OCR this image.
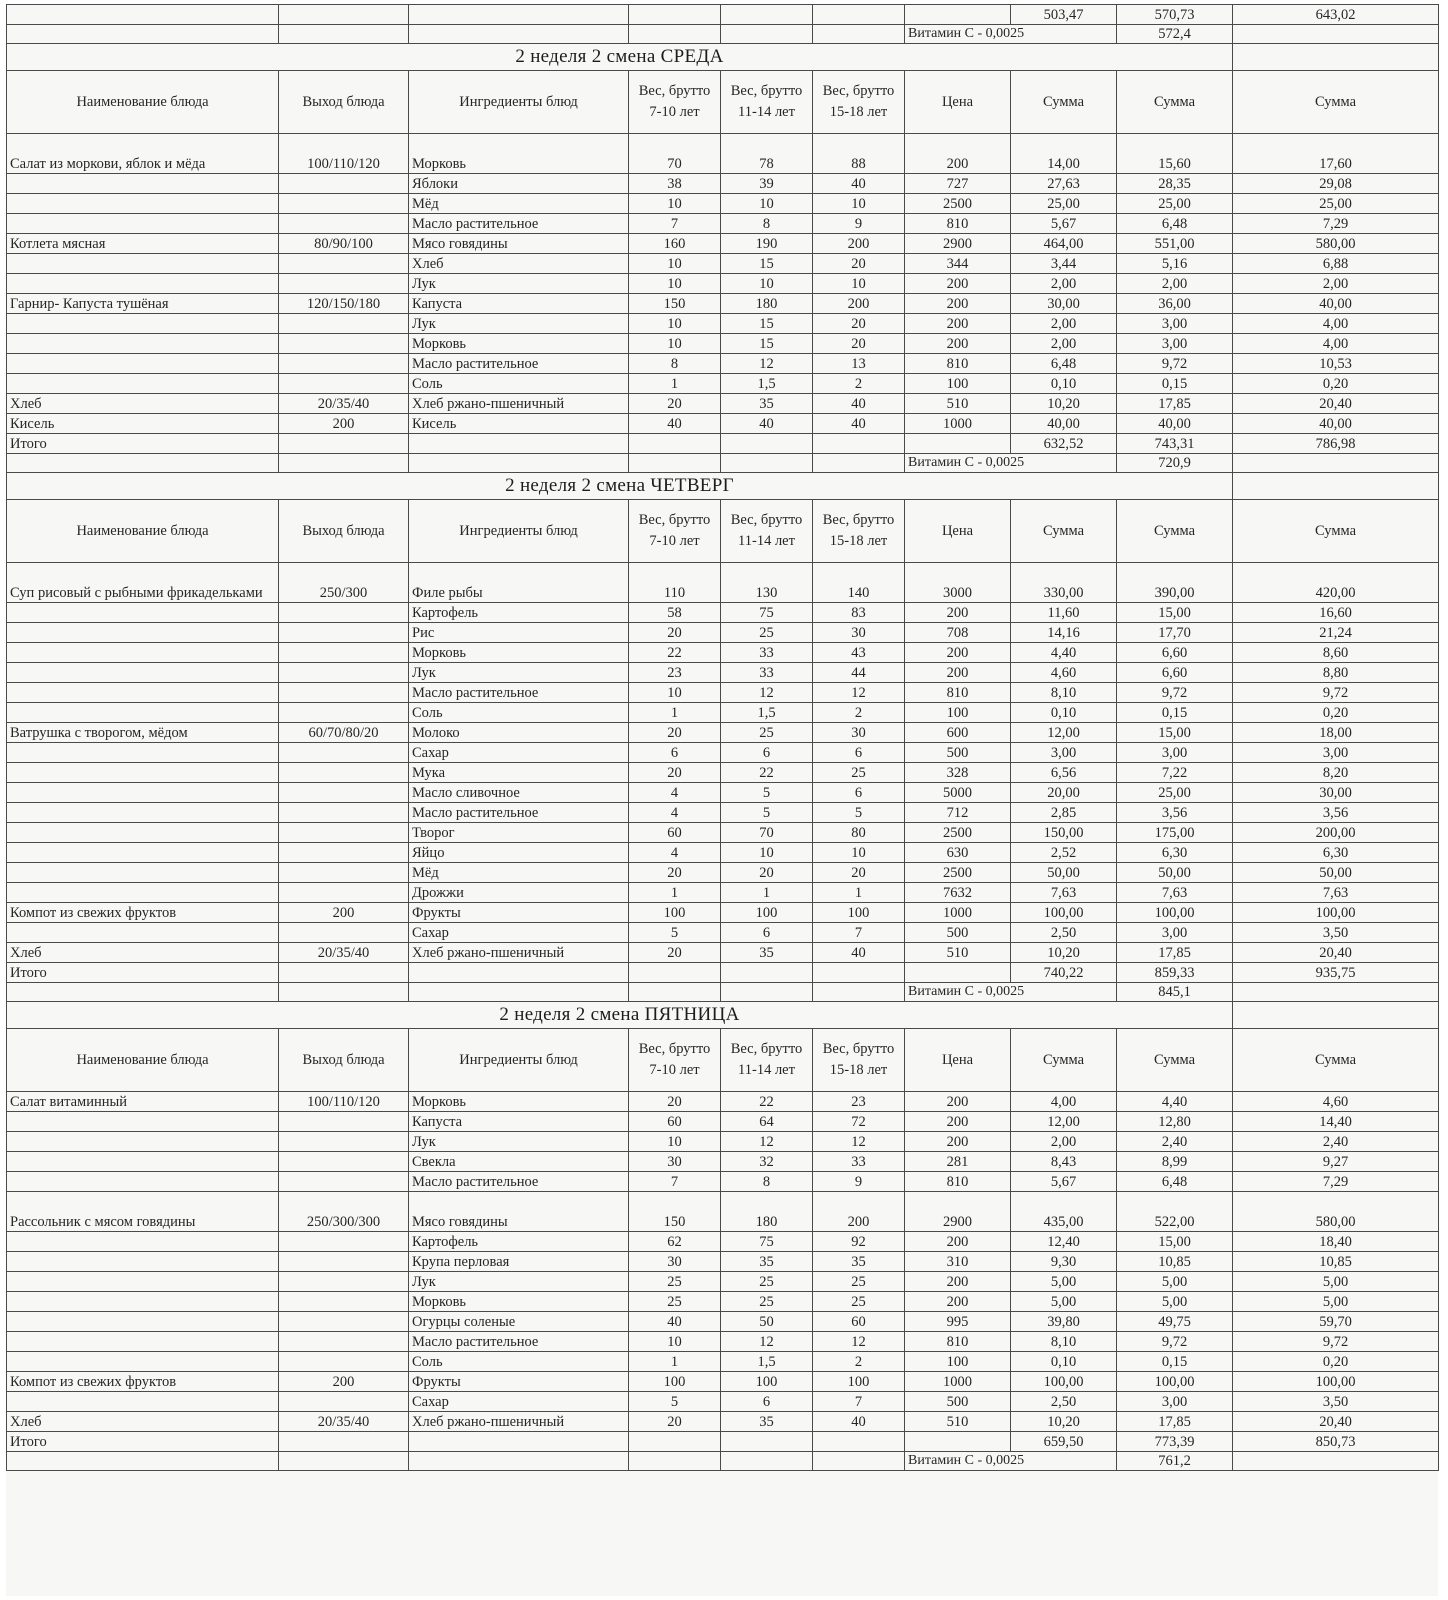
							503,47	570,73	643,02
						Витамин С - 0,0025		572,4	
2 неделя 2 смена СРЕДА									
Наименование блюда	Выход блюда	Ингредиенты блюд	Вес, брутто 7-10 лет	Вес, брутто 11-14 лет	Вес, брутто 15-18 лет	Цена	Сумма	Сумма	Сумма
Салат из моркови, яблок и мёда	100/110/120	Морковь	70	78	88	200	14,00	15,60	17,60
		Яблоки	38	39	40	727	27,63	28,35	29,08
		Мёд	10	10	10	2500	25,00	25,00	25,00
		Масло растительное	7	8	9	810	5,67	6,48	7,29
Котлета мясная	80/90/100	Мясо говядины	160	190	200	2900	464,00	551,00	580,00
		Хлеб	10	15	20	344	3,44	5,16	6,88
		Лук	10	10	10	200	2,00	2,00	2,00
Гарнир- Капуста тушёная	120/150/180	Капуста	150	180	200	200	30,00	36,00	40,00
		Лук	10	15	20	200	2,00	3,00	4,00
		Морковь	10	15	20	200	2,00	3,00	4,00
		Масло растительное	8	12	13	810	6,48	9,72	10,53
		Соль	1	1,5	2	100	0,10	0,15	0,20
Хлеб	20/35/40	Хлеб ржано-пшеничный	20	35	40	510	10,20	17,85	20,40
Кисель	200	Кисель	40	40	40	1000	40,00	40,00	40,00
Итого							632,52	743,31	786,98
						Витамин С - 0,0025		720,9	
2 неделя 2 смена ЧЕТВЕРГ									
Наименование блюда	Выход блюда	Ингредиенты блюд	Вес, брутто 7-10 лет	Вес, брутто 11-14 лет	Вес, брутто 15-18 лет	Цена	Сумма	Сумма	Сумма
Суп рисовый с рыбными фрикадельками	250/300	Филе рыбы	110	130	140	3000	330,00	390,00	420,00
		Картофель	58	75	83	200	11,60	15,00	16,60
		Рис	20	25	30	708	14,16	17,70	21,24
		Морковь	22	33	43	200	4,40	6,60	8,60
		Лук	23	33	44	200	4,60	6,60	8,80
		Масло растительное	10	12	12	810	8,10	9,72	9,72
		Соль	1	1,5	2	100	0,10	0,15	0,20
Ватрушка с творогом, мёдом	60/70/80/20	Молоко	20	25	30	600	12,00	15,00	18,00
		Сахар	6	6	6	500	3,00	3,00	3,00
		Мука	20	22	25	328	6,56	7,22	8,20
		Масло сливочное	4	5	6	5000	20,00	25,00	30,00
		Масло растительное	4	5	5	712	2,85	3,56	3,56
		Творог	60	70	80	2500	150,00	175,00	200,00
		Яйцо	4	10	10	630	2,52	6,30	6,30
		Мёд	20	20	20	2500	50,00	50,00	50,00
		Дрожжи	1	1	1	7632	7,63	7,63	7,63
Компот из свежих фруктов	200	Фрукты	100	100	100	1000	100,00	100,00	100,00
		Сахар	5	6	7	500	2,50	3,00	3,50
Хлеб	20/35/40	Хлеб ржано-пшеничный	20	35	40	510	10,20	17,85	20,40
Итого							740,22	859,33	935,75
						Витамин С - 0,0025		845,1	
2 неделя 2 смена ПЯТНИЦА									
Наименование блюда	Выход блюда	Ингредиенты блюд	Вес, брутто 7-10 лет	Вес, брутто 11-14 лет	Вес, брутто 15-18 лет	Цена	Сумма	Сумма	Сумма
Салат витаминный	100/110/120	Морковь	20	22	23	200	4,00	4,40	4,60
		Капуста	60	64	72	200	12,00	12,80	14,40
		Лук	10	12	12	200	2,00	2,40	2,40
		Свекла	30	32	33	281	8,43	8,99	9,27
		Масло растительное	7	8	9	810	5,67	6,48	7,29
Рассольник с мясом говядины	250/300/300	Мясо говядины	150	180	200	2900	435,00	522,00	580,00
		Картофель	62	75	92	200	12,40	15,00	18,40
		Крупа перловая	30	35	35	310	9,30	10,85	10,85
		Лук	25	25	25	200	5,00	5,00	5,00
		Морковь	25	25	25	200	5,00	5,00	5,00
		Огурцы соленые	40	50	60	995	39,80	49,75	59,70
		Масло растительное	10	12	12	810	8,10	9,72	9,72
		Соль	1	1,5	2	100	0,10	0,15	0,20
Компот из свежих фруктов	200	Фрукты	100	100	100	1000	100,00	100,00	100,00
		Сахар	5	6	7	500	2,50	3,00	3,50
Хлеб	20/35/40	Хлеб ржано-пшеничный	20	35	40	510	10,20	17,85	20,40
Итого							659,50	773,39	850,73
						Витамин С - 0,0025		761,2	
